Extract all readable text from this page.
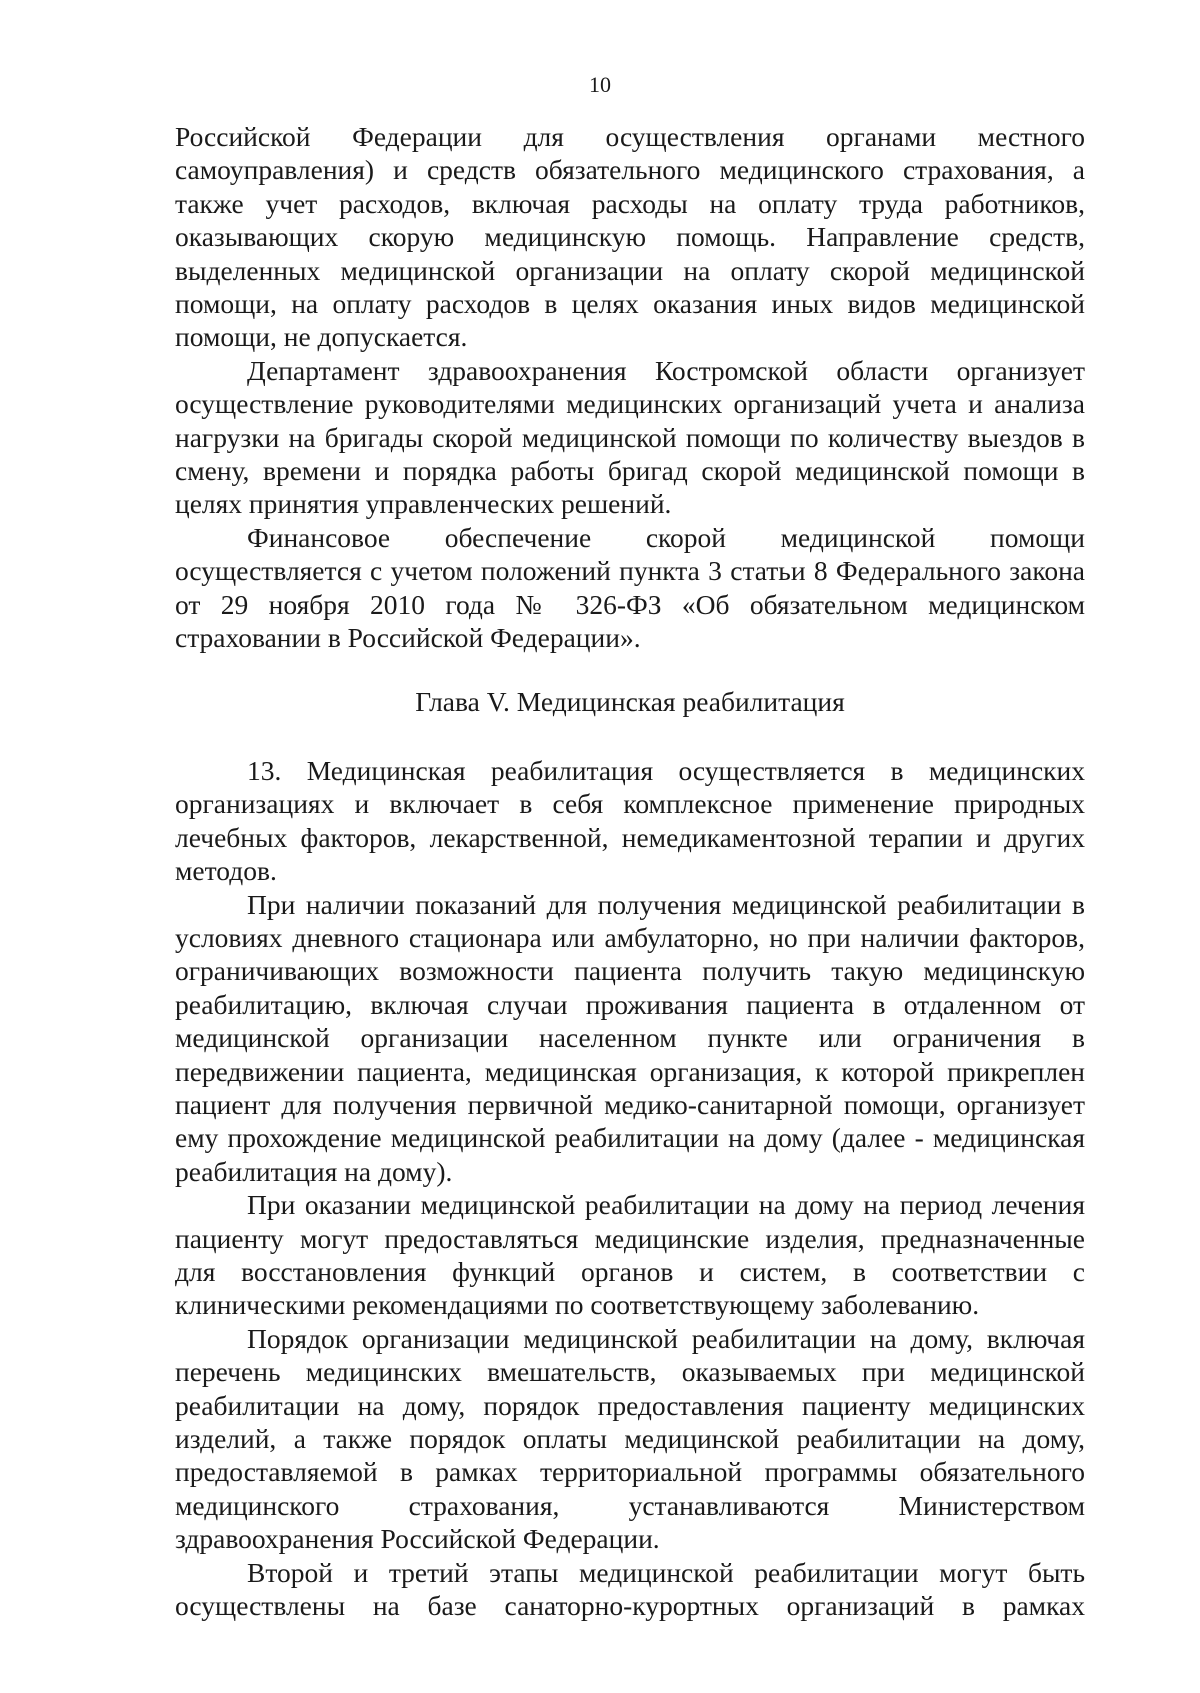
10

Российской Федерации для осуществления органами местного самоуправления) и средств обязательного медицинского страхования, а также учет расходов, включая расходы на оплату труда работников, оказывающих скорую медицинскую помощь. Направление средств, выделенных медицинской организации на оплату скорой медицинской помощи, на оплату расходов в целях оказания иных видов медицинской помощи, не допускается.

Департамент здравоохранения Костромской области организует осуществление руководителями медицинских организаций учета и анализа нагрузки на бригады скорой медицинской помощи по количеству выездов в смену, времени и порядка работы бригад скорой медицинской помощи в целях принятия управленческих решений.

Финансовое обеспечение скорой медицинской помощи осуществляется с учетом положений пункта 3 статьи 8 Федерального закона от 29 ноября 2010 года № 326-ФЗ «Об обязательном медицинском страховании в Российской Федерации».

Глава V. Медицинская реабилитация

13. Медицинская реабилитация осуществляется в медицинских организациях и включает в себя комплексное применение природных лечебных факторов, лекарственной, немедикаментозной терапии и других методов.

При наличии показаний для получения медицинской реабилитации в условиях дневного стационара или амбулаторно, но при наличии факторов, ограничивающих возможности пациента получить такую медицинскую реабилитацию, включая случаи проживания пациента в отдаленном от медицинской организации населенном пункте или ограничения в передвижении пациента, медицинская организация, к которой прикреплен пациент для получения первичной медико-санитарной помощи, организует ему прохождение медицинской реабилитации на дому (далее - медицинская реабилитация на дому).

При оказании медицинской реабилитации на дому на период лечения пациенту могут предоставляться медицинские изделия, предназначенные для восстановления функций органов и систем, в соответствии с клиническими рекомендациями по соответствующему заболеванию.

Порядок организации медицинской реабилитации на дому, включая перечень медицинских вмешательств, оказываемых при медицинской реабилитации на дому, порядок предоставления пациенту медицинских изделий, а также порядок оплаты медицинской реабилитации на дому, предоставляемой в рамках территориальной программы обязательного медицинского страхования, устанавливаются Министерством здравоохранения Российской Федерации.

Второй и третий этапы медицинской реабилитации могут быть осуществлены на базе санаторно-курортных организаций в рамках
